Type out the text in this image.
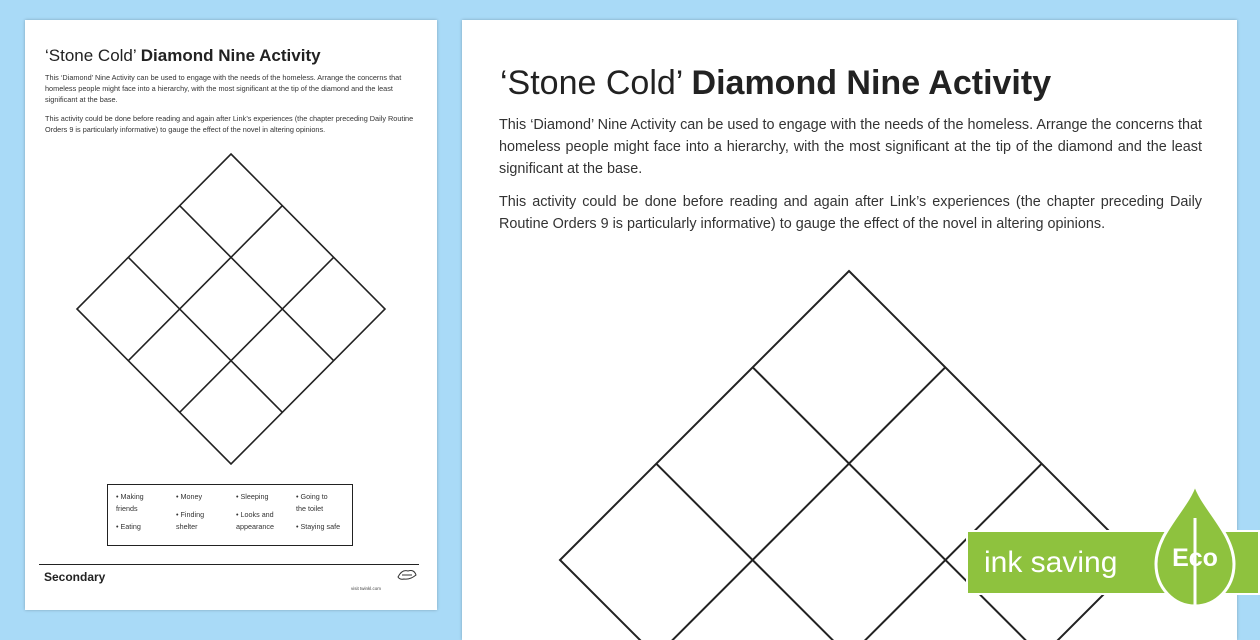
‘Stone Cold’ Diamond Nine Activity
This ‘Diamond’ Nine Activity can be used to engage with the needs of the homeless. Arrange the concerns that homeless people might face into a hierarchy, with the most significant at the tip of the diamond and the least significant at the base.
This activity could be done before reading and again after Link’s experiences (the chapter preceding Daily Routine Orders 9 is particularly informative) to gauge the effect of the novel in altering opinions.
• Making
friends
• Eating
• Money
• Finding
shelter
• Sleeping
• Looks and
appearance
• Going to
the toilet
• Staying safe
Secondary
visit twinkl.com
‘Stone Cold’ Diamond Nine Activity
This ‘Diamond’ Nine Activity can be used to engage with the needs of the homeless. Arrange the concerns that homeless people might face into a hierarchy, with the most significant at the tip of the diamond and the least significant at the base.
This activity could be done before reading and again after Link’s experiences (the chapter preceding Daily Routine Orders 9 is particularly informative) to gauge the effect of the novel in altering opinions.
ink saving	Eco
